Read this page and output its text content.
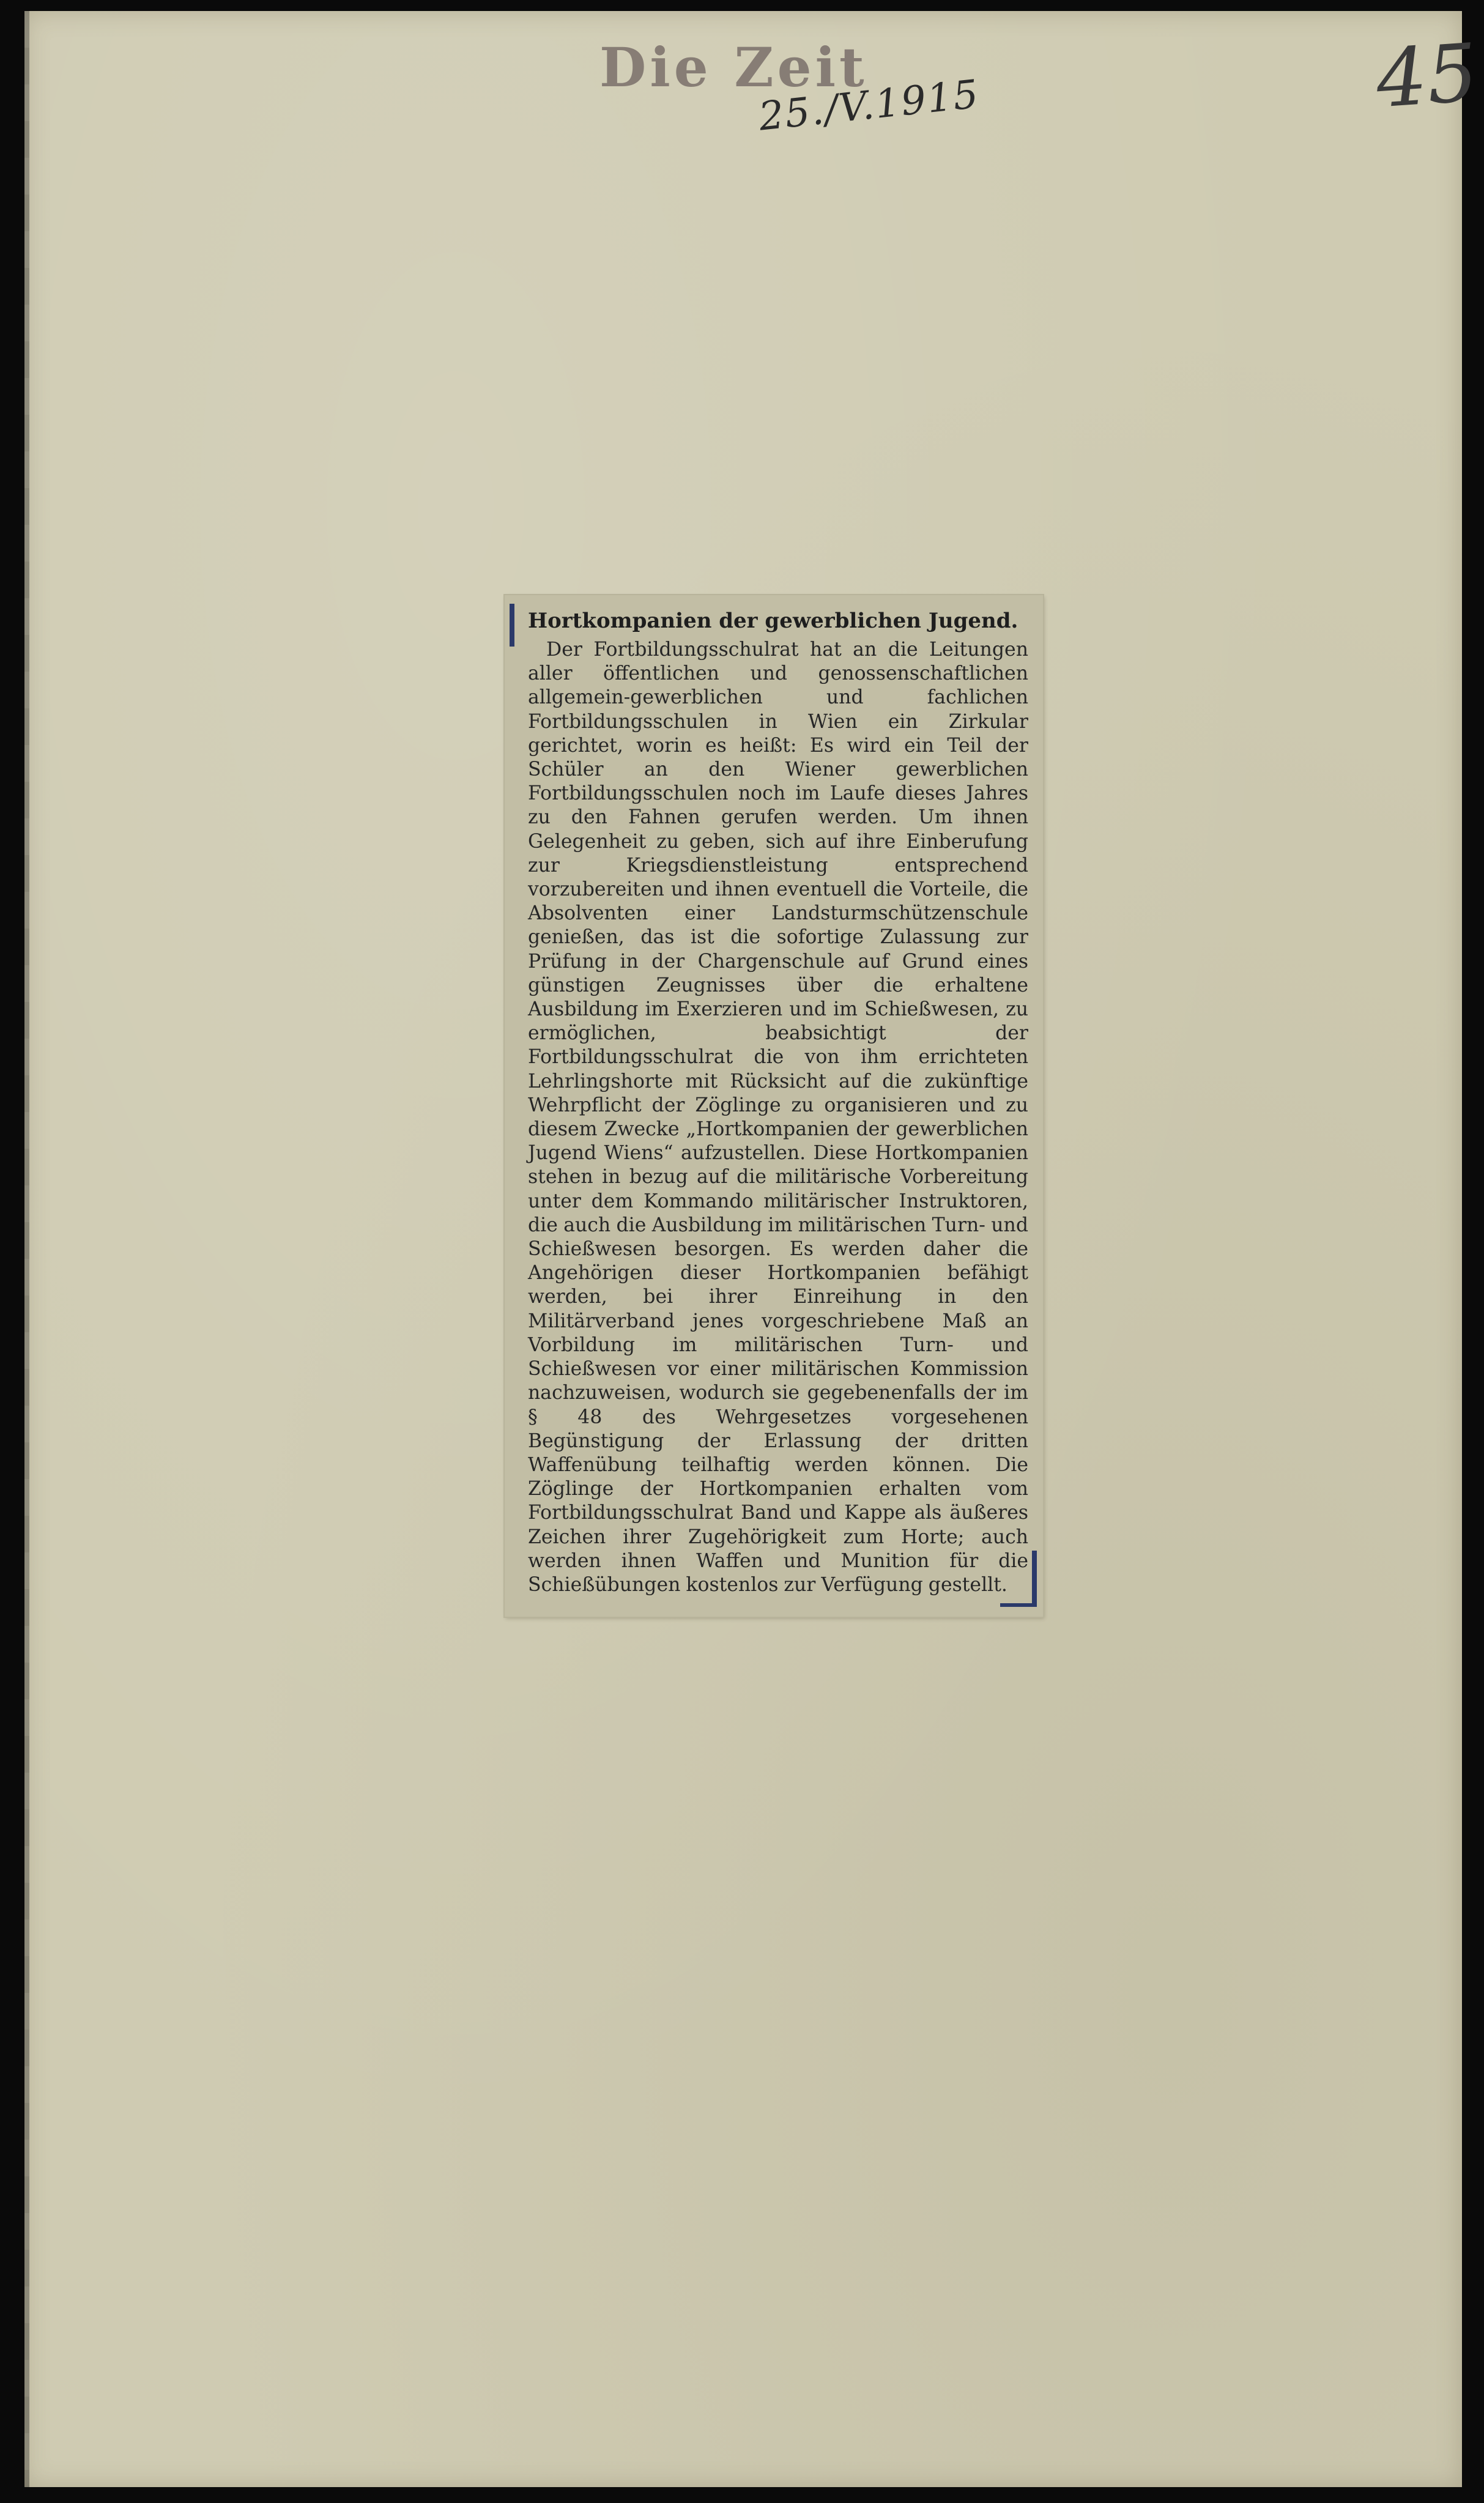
Die Zeit
25./V.1915	45
Hortkompanien der gewerblichen Jugend.

Der Fortbildungsschulrat hat an die Leitungen aller öffentlichen und genossenschaftlichen allgemein-gewerblichen und fachlichen Fortbildungsschulen in Wien ein Zirkular gerichtet, worin es heißt: Es wird ein Teil der Schüler an den Wiener gewerblichen Fortbildungsschulen noch im Laufe dieses Jahres zu den Fahnen gerufen werden. Um ihnen Gelegenheit zu geben, sich auf ihre Einberufung zur Kriegsdienstleistung entsprechend vorzubereiten und ihnen eventuell die Vorteile, die Absolventen einer Landsturmschützenschule genießen, das ist die sofortige Zulassung zur Prüfung in der Chargenschule auf Grund eines günstigen Zeugnisses über die erhaltene Ausbildung im Exerzieren und im Schießwesen, zu ermöglichen, beabsichtigt der Fortbildungsschulrat die von ihm errichteten Lehrlingshorte mit Rücksicht auf die zukünftige Wehrpflicht der Zöglinge zu organisieren und zu diesem Zwecke „Hortkompanien der gewerblichen Jugend Wiens“ aufzustellen. Diese Hortkompanien stehen in bezug auf die militärische Vorbereitung unter dem Kommando militärischer Instruktoren, die auch die Ausbildung im militärischen Turn- und Schießwesen besorgen. Es werden daher die Angehörigen dieser Hortkompanien befähigt werden, bei ihrer Einreihung in den Militärverband jenes vorgeschriebene Maß an Vorbildung im militärischen Turn- und Schießwesen vor einer militärischen Kommission nachzuweisen, wodurch sie gegebenenfalls der im § 48 des Wehrgesetzes vorgesehenen Begünstigung der Erlassung der dritten Waffenübung teilhaftig werden können. Die Zöglinge der Hortkompanien erhalten vom Fortbildungsschulrat Band und Kappe als äußeres Zeichen ihrer Zugehörigkeit zum Horte; auch werden ihnen Waffen und Munition für die Schießübungen kostenlos zur Verfügung gestellt.
